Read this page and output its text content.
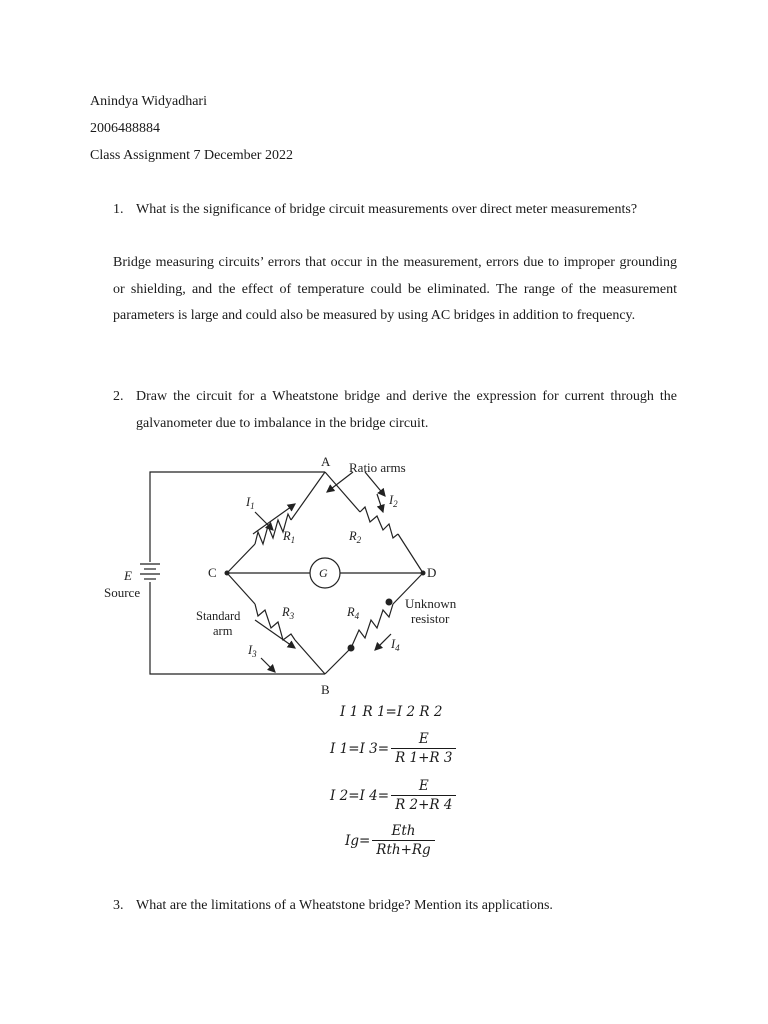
Anindya Widyadhari
2006488884
Class Assignment 7 December 2022
1. What is the significance of bridge circuit measurements over direct meter measurements?
Bridge measuring circuits’ errors that occur in the measurement, errors due to improper grounding or shielding, and the effect of temperature could be eliminated. The range of the measurement parameters is large and could also be measured by using AC bridges in addition to frequency.
2. Draw the circuit for a Wheatstone bridge and derive the expression for current through the galvanometer due to imbalance in the bridge circuit.
A
B
C	D
Ratio arms
E
Source
G
Standard
arm
Unknown
resistor
$I_1$	$I_2$
$I_3$
$I_4$
$R_1$	$R_2$
$R_3$	$R_4$
I 1 R 1=I 2 R 2
I 1=I $3= \frac{E}{R 1+R 3}$
I 2=I $4= \frac{E}{R 2+R 4}$
$Ig= \frac{\text{Eth}}{\text{Rth+Rg}}$
3. What are the limitations of a Wheatstone bridge? Mention its applications.
